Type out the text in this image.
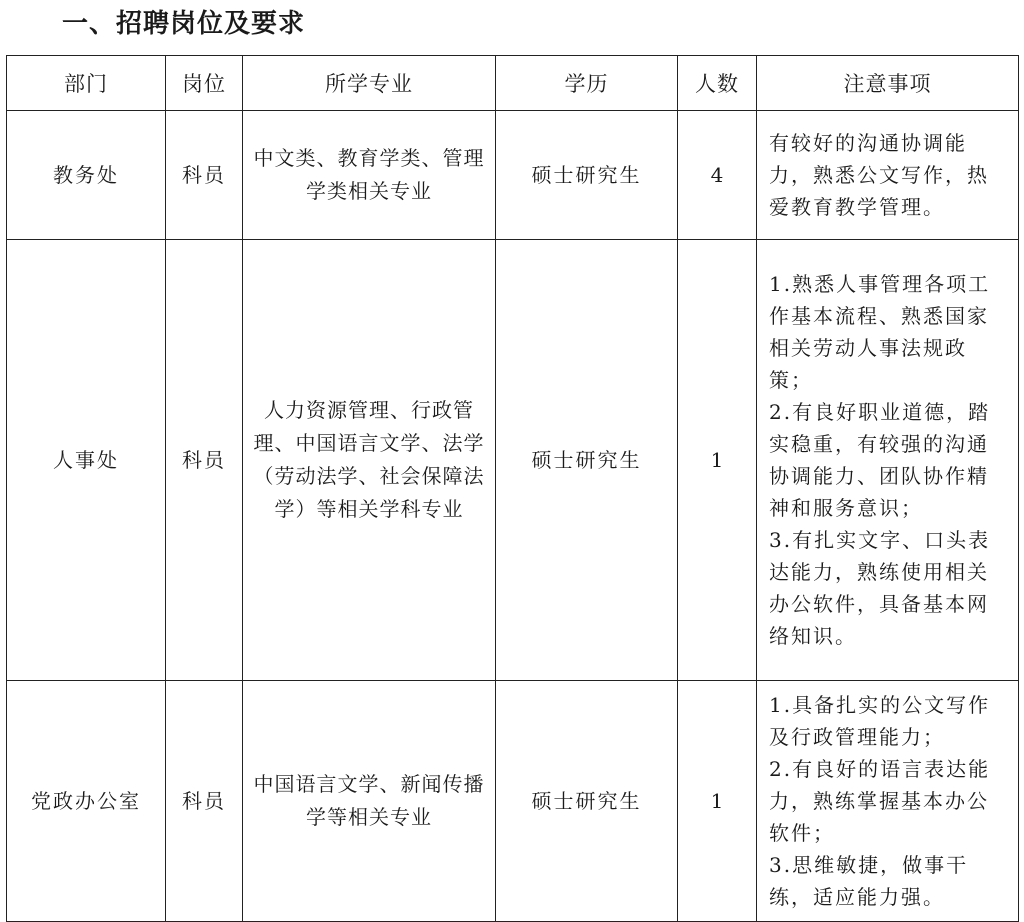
一、招聘岗位及要求
部门	岗位	所学专业	学历	人数	注意事项
教务处	科员	中文类、教育学类、管理学类相关专业	硕士研究生	4	有较好的沟通协调能力，熟悉公文写作，热爱教育教学管理。

人事处	科员	人力资源管理、行政管理、中国语言文学、法学（劳动法学、社会保障法学）等相关学科专业	硕士研究生	1	1.熟悉人事管理各项工作基本流程、熟悉国家相关劳动人事法规政策；
2.有良好职业道德，踏实稳重，有较强的沟通协调能力、团队协作精神和服务意识；
3.有扎实文字、口头表达能力，熟练使用相关办公软件，具备基本网络知识。

党政办公室	科员	中国语言文学、新闻传播学等相关专业	硕士研究生	1	1.具备扎实的公文写作及行政管理能力；
2.有良好的语言表达能力，熟练掌握基本办公软件；
3.思维敏捷，做事干练，适应能力强。
